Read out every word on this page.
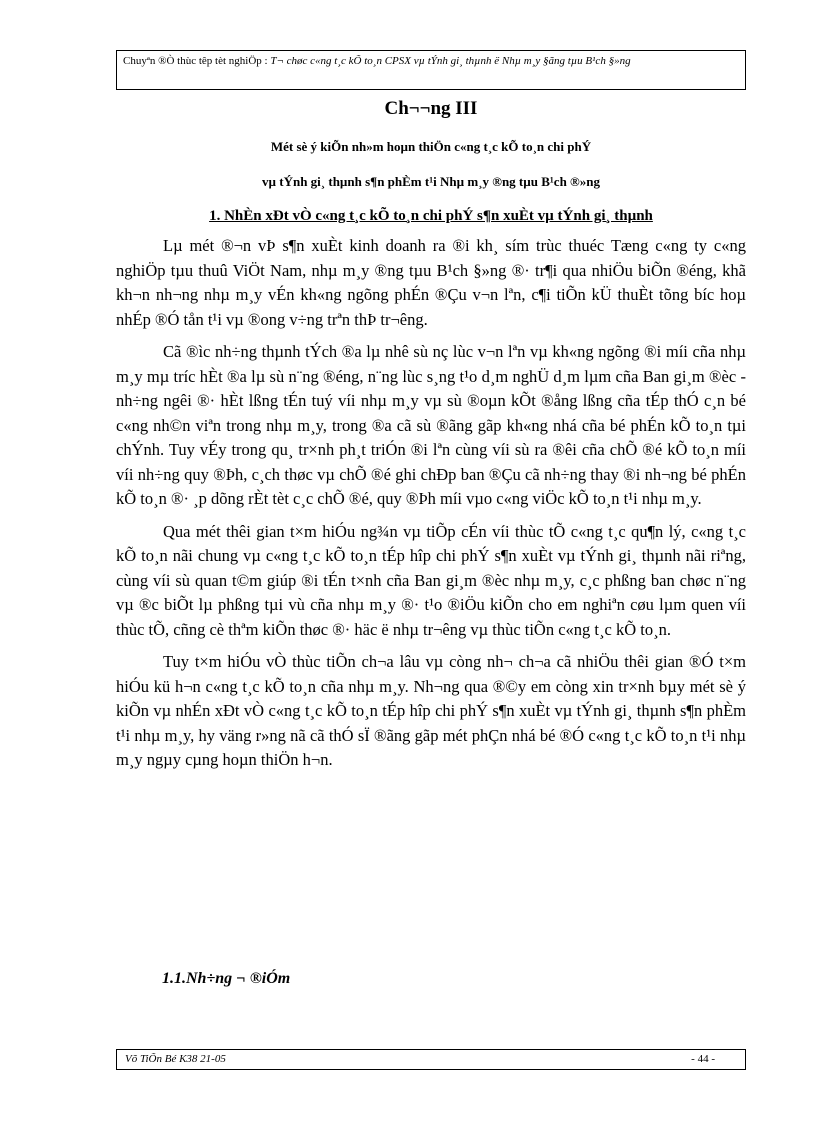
Chuyªn ®Ò thùc têp tèt nghiÖp : T¬ chøc c«ng t¸c kÕ to¸n CPSX vµ tÝnh gi¸ thµnh ë Nhµ m¸y §ãng tµu B¹ch §»ng
Ch¬¬ng III
Mét sè ý kiÕn nh»m hoµn thiÖn c«ng t¸c kÕ to¸n chi phÝ
vµ tÝnh gi¸ thµnh s¶n phÈm t¹i Nhµ m¸y ®ng tµu B¹ch ®»ng
1. NhÈn xÐt vÒ c«ng t¸c kÕ to¸n chi phÝ s¶n xuÈt vµ tÝnh gi¸ thµnh

Lµ mét ®¬n vÞ s¶n xuÈt kinh doanh ra ®i kh¸ sím trùc thuéc Tæng c«ng ty c«ng nghiÖp tµu thuû ViÖt Nam, nhµ m¸y ®ng tµu B¹ch §»ng ®· tr¶i qua nhiÖu biÕn ®éng, khã kh¬n nh¬ng nhµ m¸y vÉn kh«ng ngõng phÉn ®Çu v¬n lªn, c¶i tiÕn kÜ thuÈt tõng bíc hoµ nhÉp ®Ó tån t¹i vµ ®ong v÷ng trªn thÞ tr¬êng.

Cã ®ìc nh÷ng thµnh tÝch ®a lµ nhê sù nç lùc v¬n lªn vµ kh«ng ngõng ®i míi cña nhµ m¸y mµ tríc hÈt ®a lµ sù n¨ng ®éng, n¨ng lùc s¸ng t¹o d¸m nghÜ d¸m lµm cña Ban gi¸m ®èc - nh÷ng ngêi ®· hÈt lßng tÉn tuý víi nhµ m¸y vµ sù ®oµn kÕt ®ång lßng cña tÉp thÓ c¸n bé c«ng nh©n viªn trong nhµ m¸y, trong ®a cã sù ®ãng gãp kh«ng nhá cña bé phÉn kÕ to¸n tµi chÝnh. Tuy vÉy trong qu¸ tr×nh ph¸t triÓn ®i lªn cùng víi sù ra ®êi cña chÕ ®é kÕ to¸n míi víi nh÷ng quy ®Þh, c¸ch thøc vµ chÕ ®é ghi chÐp ban ®Çu cã nh÷ng thay ®i nh¬ng bé phÉn kÕ to¸n ®· ¸p dõng rÈt tèt c¸c chÕ ®é, quy ®Þh míi vµo c«ng viÖc kÕ to¸n t¹i nhµ m¸y.

Qua mét thêi gian t×m hiÓu ng¾n vµ tiÕp cÉn víi thùc tÕ c«ng t¸c qu¶n lý, c«ng t¸c kÕ to¸n nãi chung vµ c«ng t¸c kÕ to¸n tÉp hîp chi phÝ s¶n xuÈt vµ tÝnh gi¸ thµnh nãi riªng, cùng víi sù quan t©m giúp ®i tÉn t×nh cña Ban gi¸m ®èc nhµ m¸y, c¸c phßng ban chøc n¨ng vµ ®c biÕt lµ phßng tµi vù cña nhµ m¸y ®· t¹o ®iÖu kiÕn cho em nghiªn cøu lµm quen víi thùc tÕ, cñng cè thªm kiÕn thøc ®· häc ë nhµ tr¬êng vµ thùc tiÕn c«ng t¸c kÕ to¸n.

Tuy t×m hiÓu vÒ thùc tiÕn ch¬a lâu vµ còng nh¬ ch¬a cã nhiÖu thêi gian ®Ó t×m hiÓu kü h¬n c«ng t¸c kÕ to¸n cña nhµ m¸y. Nh¬ng qua ®©y em còng xin tr×nh bµy mét sè ý kiÕn vµ nhÉn xÐt vÒ c«ng t¸c kÕ to¸n tÉp hîp chi phÝ s¶n xuÈt vµ tÝnh gi¸ thµnh s¶n phÈm t¹i nhµ m¸y, hy väng r»ng nã cã thÓ sÏ ®ãng gãp mét phÇn nhá bé ®Ó c«ng t¸c kÕ to¸n t¹i nhµ m¸y ngµy cµng hoµn thiÖn h¬n.

1.1.Nh÷ng ¬ ®iÓm
Võ TiÕn Bé K38 21-05	- 44 -
